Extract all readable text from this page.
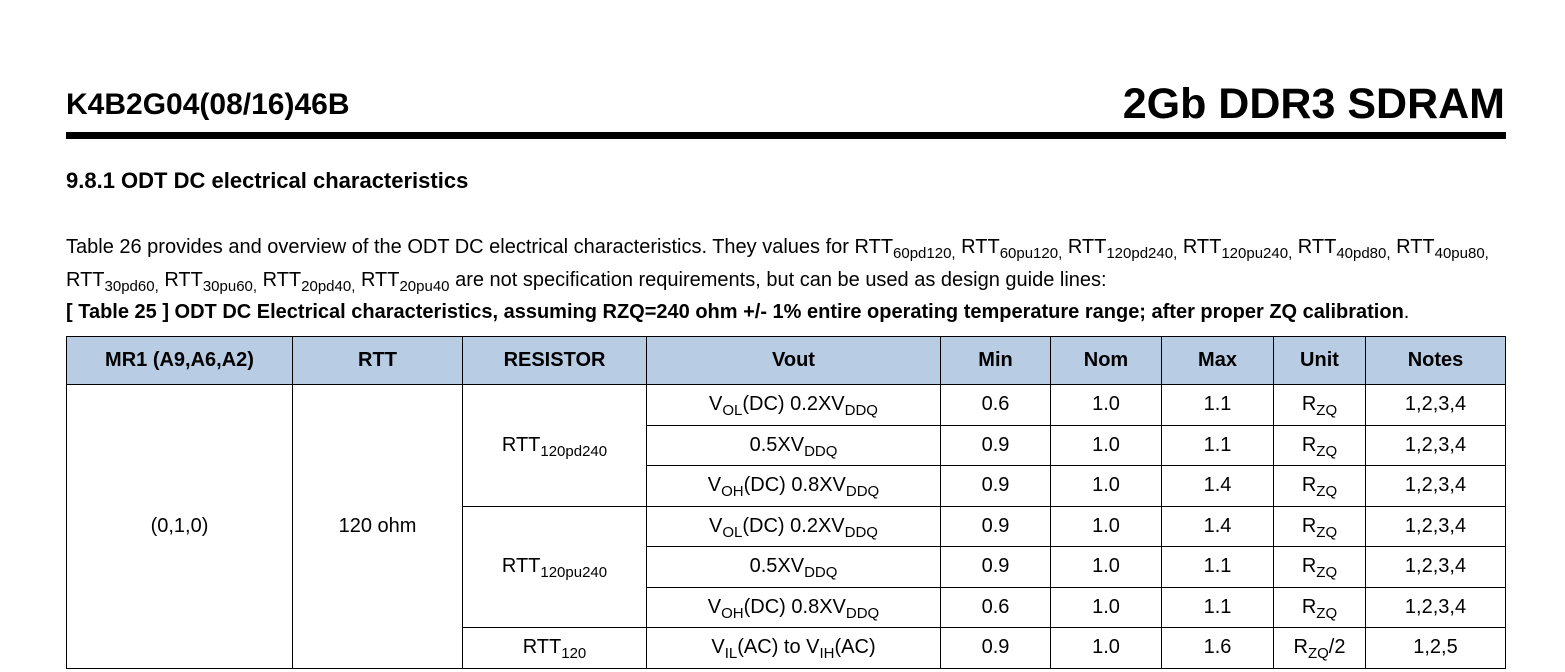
K4B2G04(08/16)46B	2Gb DDR3 SDRAM
9.8.1 ODT DC electrical characteristics
Table 26 provides and overview of the ODT DC electrical characteristics. They values for $RTT_{60pd120,}$ $RTT_{60pu120,}$ $RTT_{120pd240,}$ $RTT_{120pu240,}$ $RTT_{40pd80,}$ $RTT_{40pu80,}$ $RTT_{30pd60,}$ $RTT_{30pu60,}$ $RTT_{20pd40,}$ $RTT_{20pu40}$ are not specification requirements, but can be used as design guide lines:
[ Table 25 ] ODT DC Electrical characteristics, assuming RZQ=240 ohm +/- 1% entire operating temperature range; after proper ZQ calibration.
MR1 (A9,A6,A2)	RTT	RESISTOR	Vout	Min	Nom	Max	Unit	Notes
(0,1,0)	120 ohm	$RTT_{120pd240}$	$V_{OL}(DC)$ $0.2XV_{DDQ}$	0.6	1.0	1.1	$R_{ZQ}$	1,2,3,4
			$0.5XV_{DDQ}$	0.9	1.0	1.1	$R_{ZQ}$	1,2,3,4
			$V_{OH}(DC)$ $0.8XV_{DDQ}$	0.9	1.0	1.4	$R_{ZQ}$	1,2,3,4
		$RTT_{120pu240}$	$V_{OL}(DC)$ $0.2XV_{DDQ}$	0.9	1.0	1.4	$R_{ZQ}$	1,2,3,4
			$0.5XV_{DDQ}$	0.9	1.0	1.1	$R_{ZQ}$	1,2,3,4
			$V_{OH}(DC)$ $0.8XV_{DDQ}$	0.6	1.0	1.1	$R_{ZQ}$	1,2,3,4
		$RTT_{120}$	$V_{IL}(AC)$ to $V_{IH}(AC)$	0.9	1.0	1.6	$R_{ZQ}/2$	1,2,5
